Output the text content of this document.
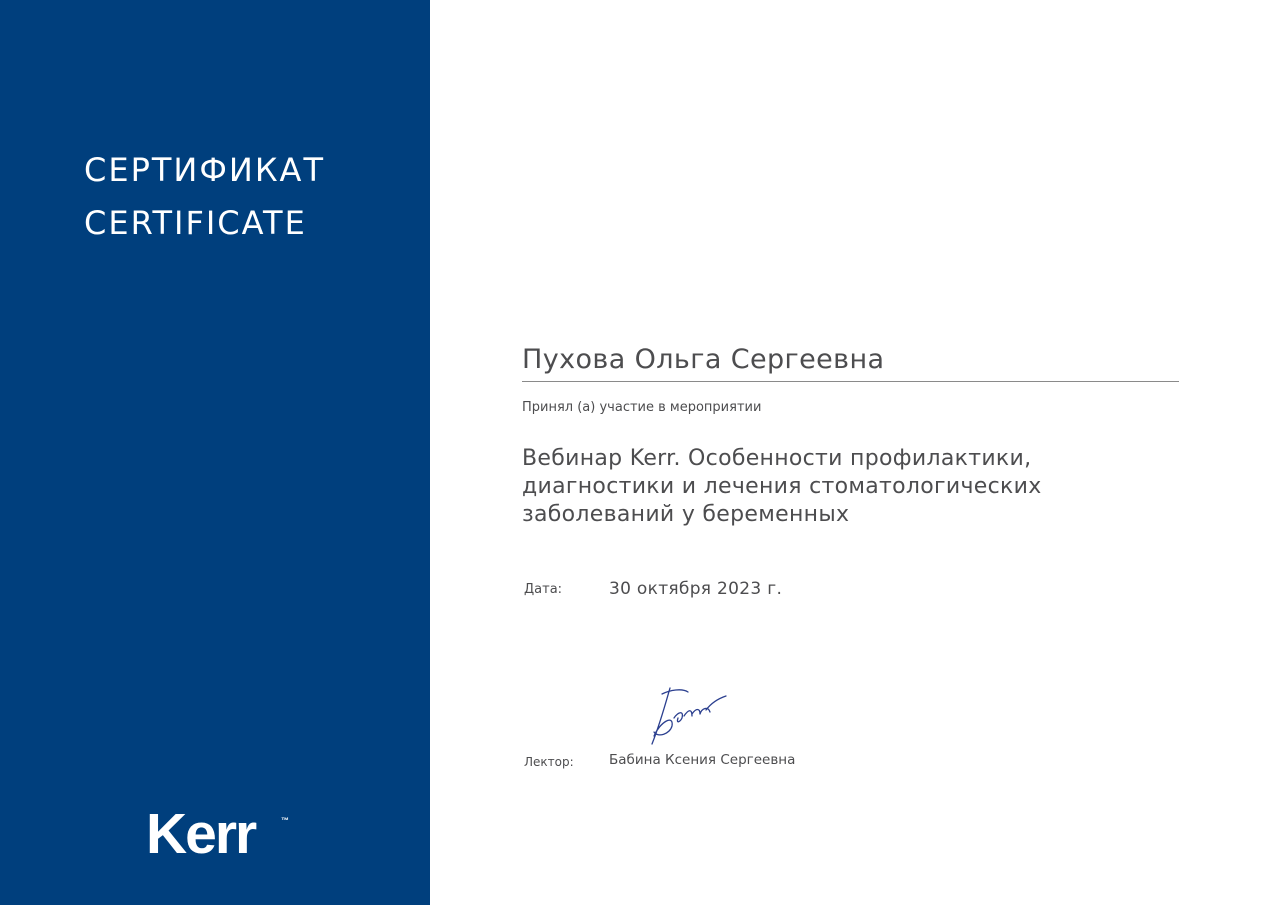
СЕРТИФИКАТ
CERTIFICATE
Kerr	™
Пухова Ольга Сергеевна
Принял (а) участие в мероприятии
Вебинар Kerr. Особенности профилактики,
диагностики и лечения стоматологических
заболеваний у беременных
Дата:	30 октября 2023 г.
Лектор:	Бабина Ксения Сергеевна
